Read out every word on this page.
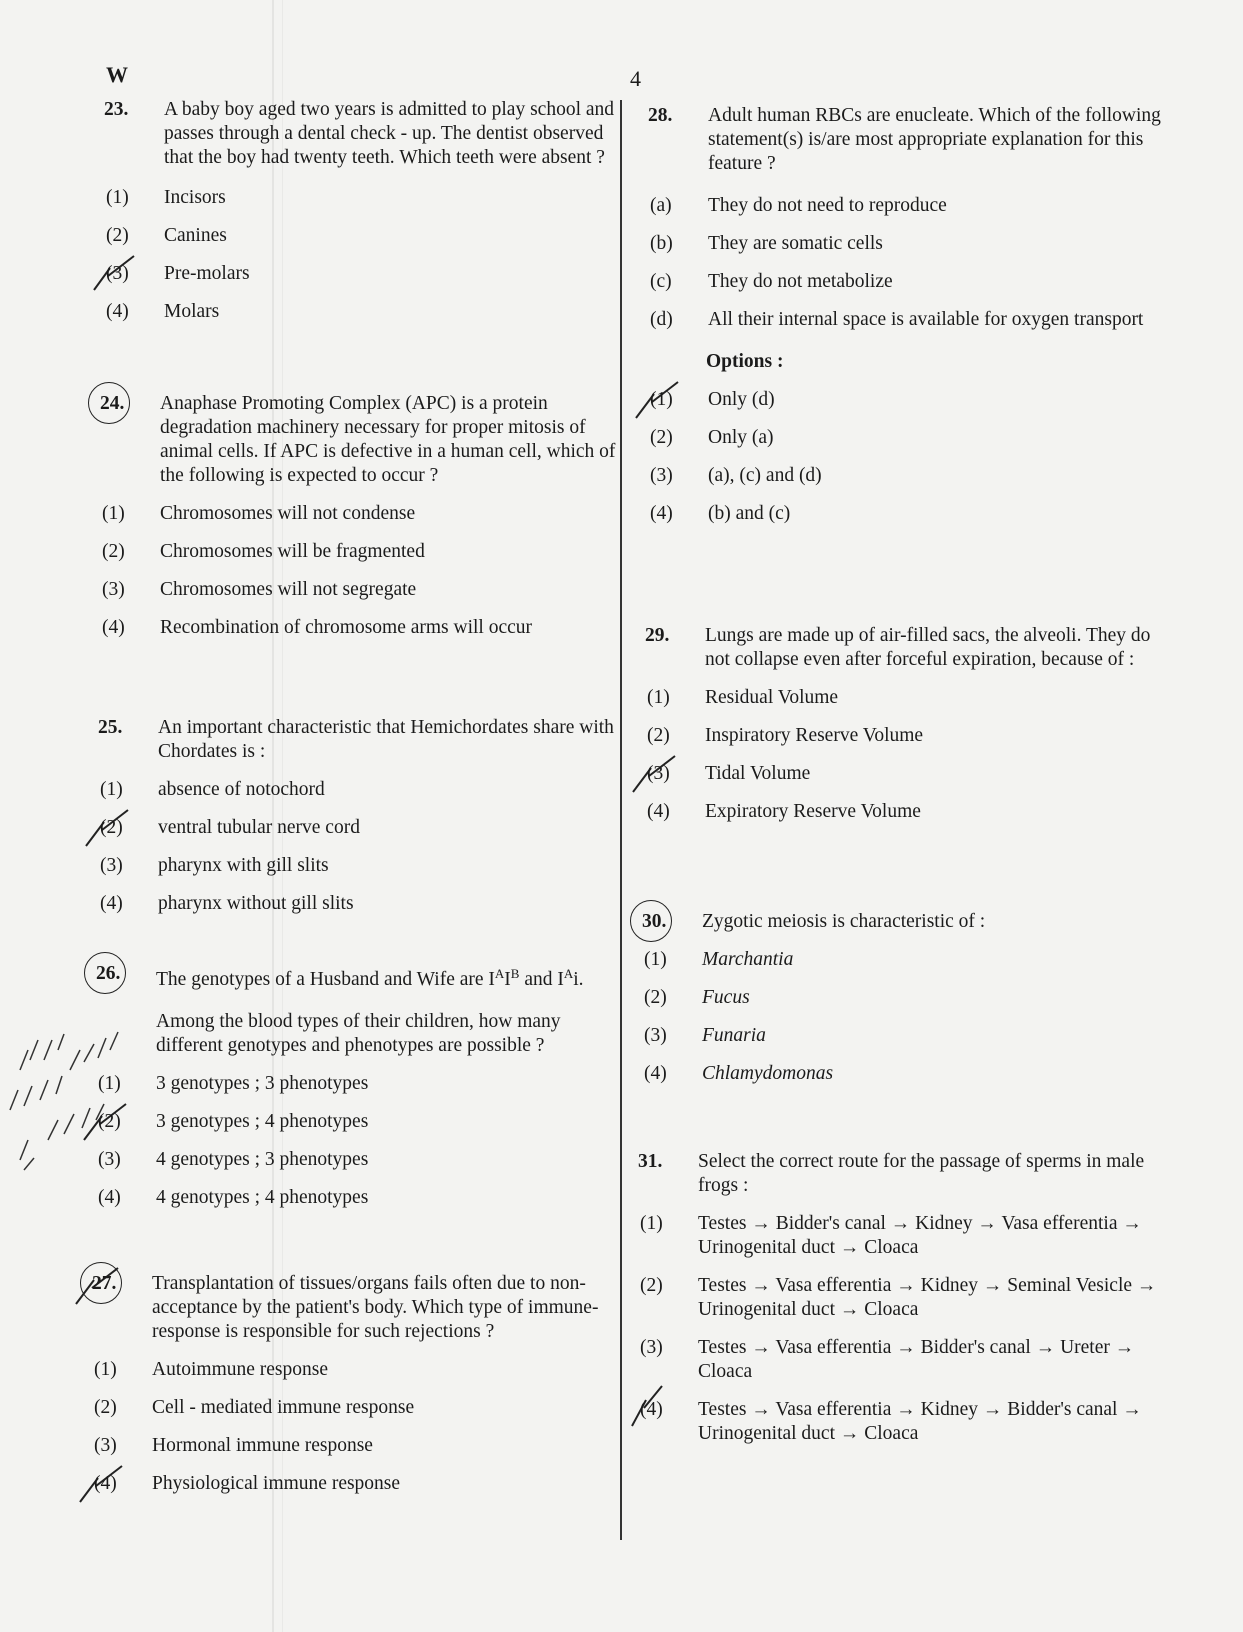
W	4
23.	A baby boy aged two years is admitted to play school and passes through a dental check - up. The dentist observed that the boy had twenty teeth. Which teeth were absent ?
(1)	Incisors
(2)	Canines
(3)	Pre-molars
(4)	Molars
24.	Anaphase Promoting Complex (APC) is a protein degradation machinery necessary for proper mitosis of animal cells. If APC is defective in a human cell, which of the following is expected to occur ?
(1)	Chromosomes will not condense
(2)	Chromosomes will be fragmented
(3)	Chromosomes will not segregate
(4)	Recombination of chromosome arms will occur
25.	An important characteristic that Hemichordates share with Chordates is :
(1)	absence of notochord
(2)	ventral tubular nerve cord
(3)	pharynx with gill slits
(4)	pharynx without gill slits
26.	The genotypes of a Husband and Wife are $I^AI^B$ and $I^Ai$.
Among the blood types of their children, how many different genotypes and phenotypes are possible ?
(1)	3 genotypes ; 3 phenotypes
(2)	3 genotypes ; 4 phenotypes
(3)	4 genotypes ; 3 phenotypes
(4)	4 genotypes ; 4 phenotypes
27.	Transplantation of tissues/organs fails often due to non-acceptance by the patient's body. Which type of immune-response is responsible for such rejections ?
(1)	Autoimmune response
(2)	Cell - mediated immune response
(3)	Hormonal immune response
(4)	Physiological immune response
28.	Adult human RBCs are enucleate. Which of the following statement(s) is/are most appropriate explanation for this feature ?
(a)	They do not need to reproduce
(b)	They are somatic cells
(c)	They do not metabolize
(d)	All their internal space is available for oxygen transport
Options :
(1)	Only (d)
(2)	Only (a)
(3)	(a), (c) and (d)
(4)	(b) and (c)
29.	Lungs are made up of air-filled sacs, the alveoli. They do not collapse even after forceful expiration, because of :
(1)	Residual Volume
(2)	Inspiratory Reserve Volume
(3)	Tidal Volume
(4)	Expiratory Reserve Volume
30.	Zygotic meiosis is characteristic of :
(1)	Marchantia
(2)	Fucus
(3)	Funaria
(4)	Chlamydomonas
31.	Select the correct route for the passage of sperms in male frogs :
(1)	Testes → Bidder's canal → Kidney → Vasa efferentia → Urinogenital duct → Cloaca
(2)	Testes → Vasa efferentia → Kidney → Seminal Vesicle → Urinogenital duct → Cloaca
(3)	Testes → Vasa efferentia → Bidder's canal → Ureter → Cloaca
(4)	Testes → Vasa efferentia → Kidney → Bidder's canal → Urinogenital duct → Cloaca
